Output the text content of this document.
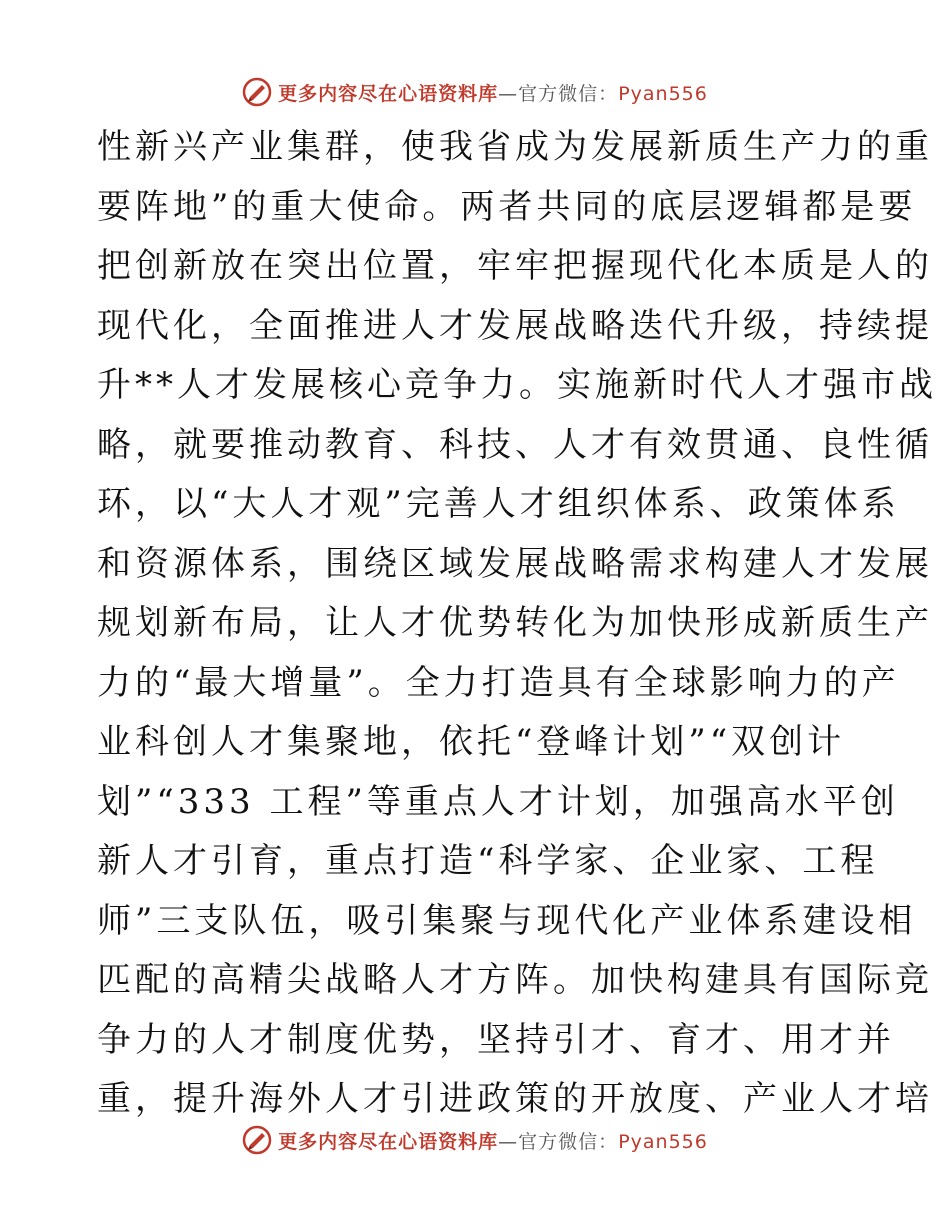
更多内容尽在心语资料库—官方微信：Pyan556
性新兴产业集群，使我省成为发展新质生产力的重
要阵地”的重大使命。两者共同的底层逻辑都是要
把创新放在突出位置，牢牢把握现代化本质是人的
现代化，全面推进人才发展战略迭代升级，持续提
升**人才发展核心竞争力。实施新时代人才强市战
略，就要推动教育、科技、人才有效贯通、良性循
环，以“大人才观”完善人才组织体系、政策体系
和资源体系，围绕区域发展战略需求构建人才发展
规划新布局，让人才优势转化为加快形成新质生产
力的“最大增量”。全力打造具有全球影响力的产
业科创人才集聚地，依托“登峰计划”“双创计
划”“333 工程”等重点人才计划，加强高水平创
新人才引育，重点打造“科学家、企业家、工程
师”三支队伍，吸引集聚与现代化产业体系建设相
匹配的高精尖战略人才方阵。加快构建具有国际竞
争力的人才制度优势，坚持引才、育才、用才并
重，提升海外人才引进政策的开放度、产业人才培
更多内容尽在心语资料库—官方微信：Pyan556
